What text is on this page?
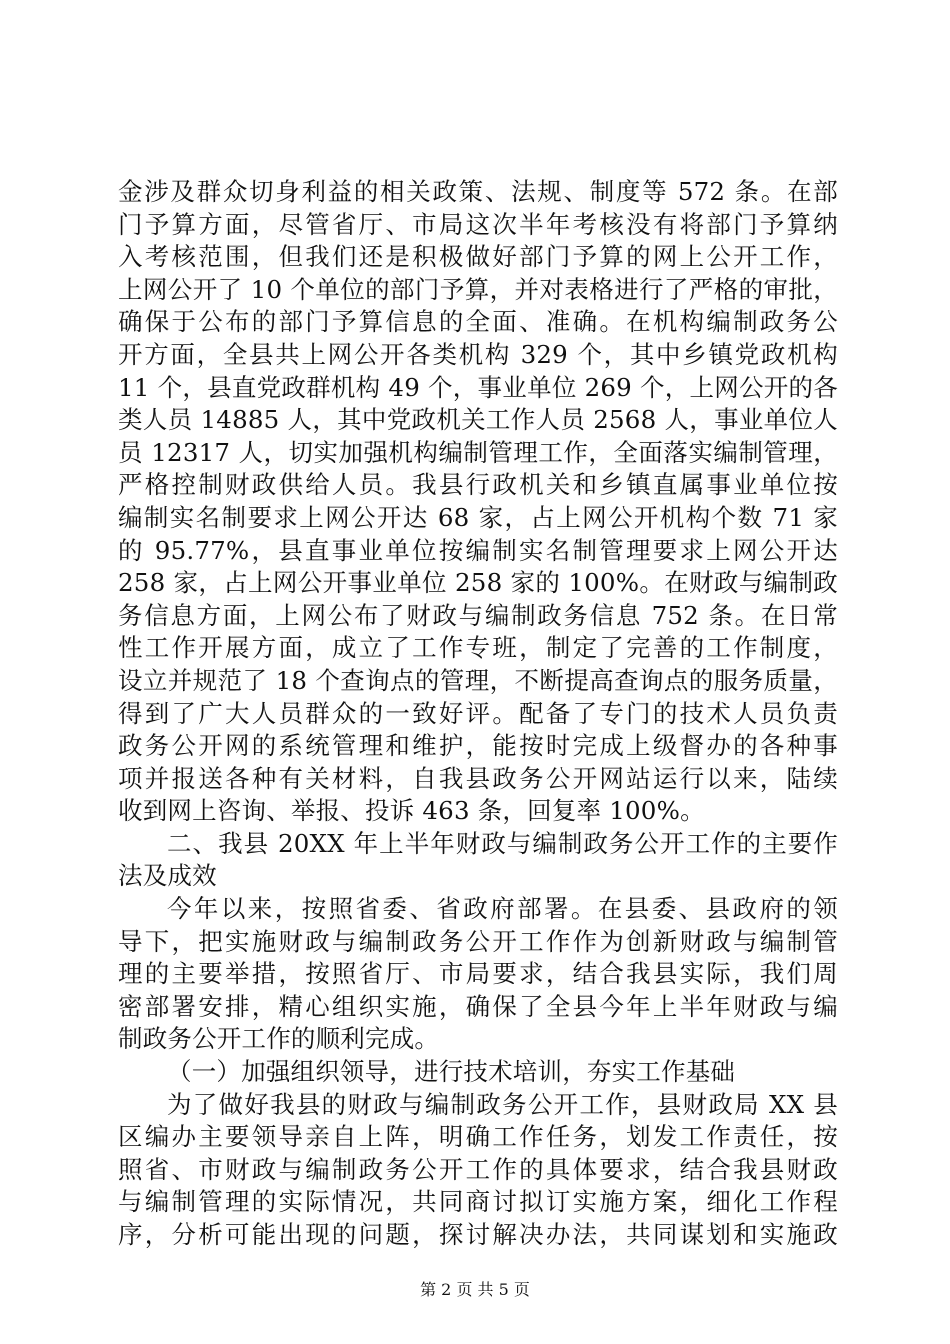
金涉及群众切身利益的相关政策、法规、制度等 572 条。在部
门予算方面，尽管省厅、市局这次半年考核没有将部门予算纳
入考核范围，但我们还是积极做好部门予算的网上公开工作，
上网公开了 10 个单位的部门予算，并对表格进行了严格的审批，
确保于公布的部门予算信息的全面、准确。在机构编制政务公
开方面，全县共上网公开各类机构 329 个，其中乡镇党政机构
11 个，县直党政群机构 49 个，事业单位 269 个，上网公开的各
类人员 14885 人，其中党政机关工作人员 2568 人，事业单位人
员 12317 人，切实加强机构编制管理工作，全面落实编制管理，
严格控制财政供给人员。我县行政机关和乡镇直属事业单位按
编制实名制要求上网公开达 68 家，占上网公开机构个数 71 家
的 95.77%，县直事业单位按编制实名制管理要求上网公开达
258 家，占上网公开事业单位 258 家的 100%。在财政与编制政
务信息方面，上网公布了财政与编制政务信息 752 条。在日常
性工作开展方面，成立了工作专班，制定了完善的工作制度，
设立并规范了 18 个查询点的管理，不断提高查询点的服务质量，
得到了广大人员群众的一致好评。配备了专门的技术人员负责
政务公开网的系统管理和维护，能按时完成上级督办的各种事
项并报送各种有关材料，自我县政务公开网站运行以来，陆续
收到网上咨询、举报、投诉 463 条，回复率 100%。
二、我县 20XX 年上半年财政与编制政务公开工作的主要作
法及成效
今年以来，按照省委、省政府部署。在县委、县政府的领
导下，把实施财政与编制政务公开工作作为创新财政与编制管
理的主要举措，按照省厅、市局要求，结合我县实际，我们周
密部署安排，精心组织实施，确保了全县今年上半年财政与编
制政务公开工作的顺利完成。
（一）加强组织领导，进行技术培训，夯实工作基础
为了做好我县的财政与编制政务公开工作，县财政局 XX 县
区编办主要领导亲自上阵，明确工作任务，划发工作责任，按
照省、市财政与编制政务公开工作的具体要求，结合我县财政
与编制管理的实际情况，共同商讨拟订实施方案，细化工作程
序，分析可能出现的问题，探讨解决办法，共同谋划和实施政
第 2 页 共 5 页
